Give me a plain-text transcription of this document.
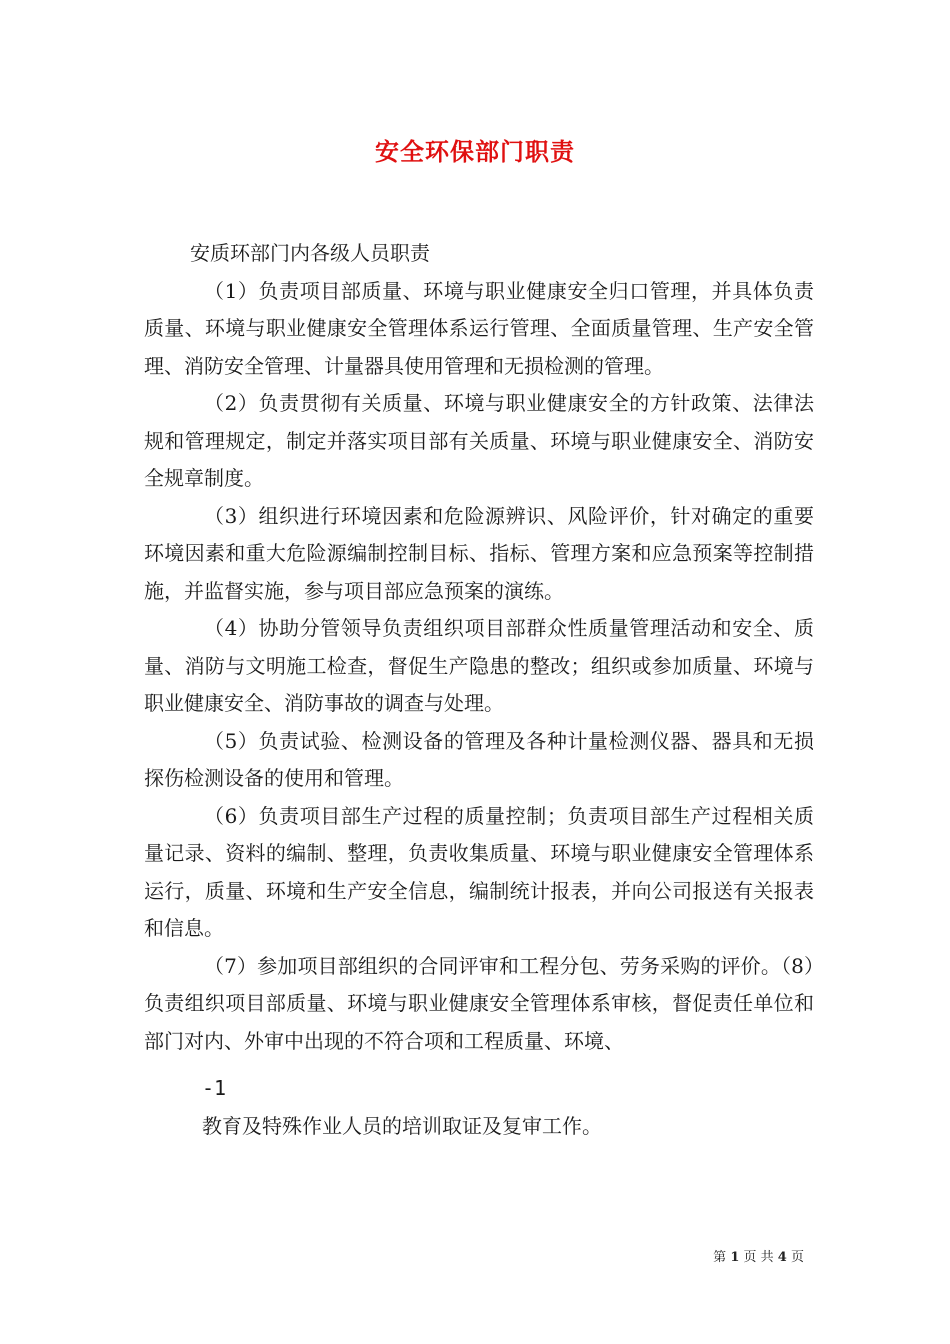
安全环保部门职责

安质环部门内各级人员职责

（1）负责项目部质量、环境与职业健康安全归口管理，并具体负责质量、环境与职业健康安全管理体系运行管理、全面质量管理、生产安全管理、消防安全管理、计量器具使用管理和无损检测的管理。

（2）负责贯彻有关质量、环境与职业健康安全的方针政策、法律法规和管理规定，制定并落实项目部有关质量、环境与职业健康安全、消防安全规章制度。

（3）组织进行环境因素和危险源辨识、风险评价，针对确定的重要环境因素和重大危险源编制控制目标、指标、管理方案和应急预案等控制措施，并监督实施，参与项目部应急预案的演练。

（4）协助分管领导负责组织项目部群众性质量管理活动和安全、质量、消防与文明施工检查，督促生产隐患的整改；组织或参加质量、环境与职业健康安全、消防事故的调查与处理。

（5）负责试验、检测设备的管理及各种计量检测仪器、器具和无损探伤检测设备的使用和管理。

（6）负责项目部生产过程的质量控制；负责项目部生产过程相关质量记录、资料的编制、整理，负责收集质量、环境与职业健康安全管理体系运行，质量、环境和生产安全信息，编制统计报表，并向公司报送有关报表和信息。

（7）参加项目部组织的合同评审和工程分包、劳务采购的评价。（8）负责组织项目部质量、环境与职业健康安全管理体系审核，督促责任单位和部门对内、外审中出现的不符合项和工程质量、环境、

-1

教育及特殊作业人员的培训取证及复审工作。

第 1 页 共 4 页
